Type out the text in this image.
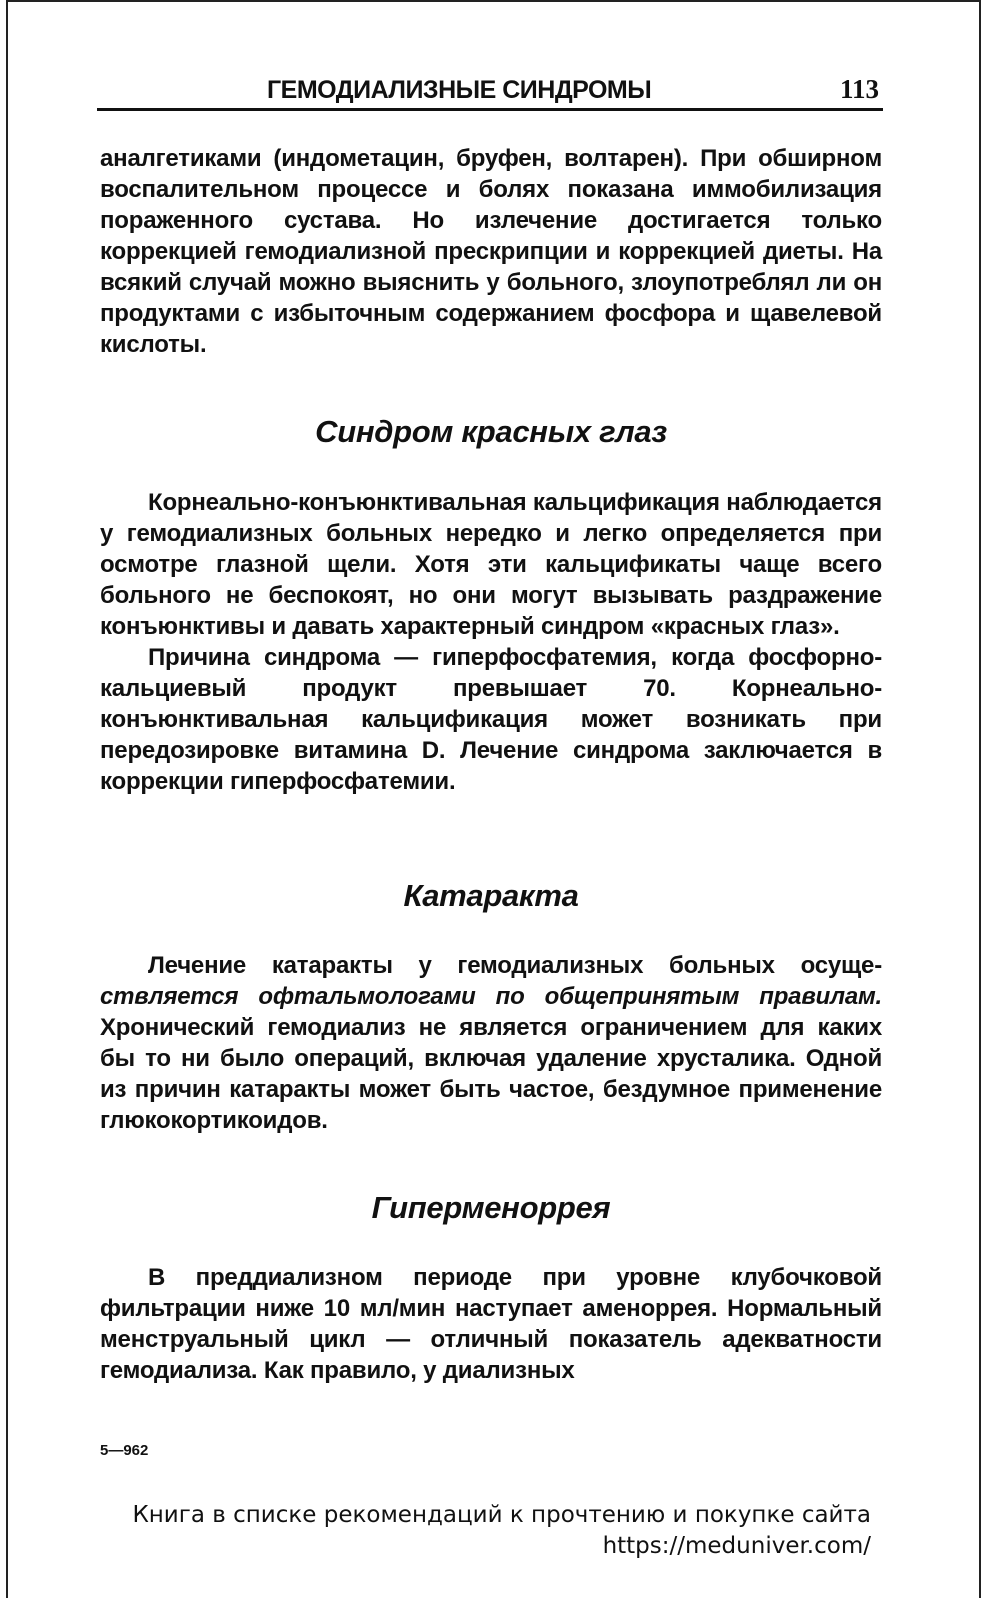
ГЕМОДИАЛИЗНЫЕ СИНДРОМЫ	113

аналгетиками (индометацин, бруфен, волтарен). При обширном воспалительном процессе и болях показана иммобилизация пораженного сустава. Но излечение достигается только коррекцией гемодиализной прескрипции и коррекцией диеты. На всякий случай можно выяснить у больного, злоупотреблял ли он продуктами с избыточным содержанием фосфора и щавелевой кислоты.

Синдром красных глаз

Корнеально-конъюнктивальная кальцификация наблюдается у гемодиализных больных нередко и легко определяется при осмотре глазной щели. Хотя эти кальцификаты чаще всего больного не беспокоят, но они могут вызывать раздражение конъюнктивы и давать характерный синдром «красных глаз».

Причина синдрома — гиперфосфатемия, когда фосфорно-кальциевый продукт превышает 70. Корнеально-конъюнктивальная кальцификация может возникать при передозировке витамина D. Лечение синдрома заключается в коррекции гиперфосфатемии.

Катаракта

Лечение катаракты у гемодиализных больных осуще- ствляется офтальмологами по общепринятым правилам. Хронический гемодиализ не является ограничением для каких бы то ни было операций, включая удаление хрусталика. Одной из причин катаракты может быть частое, бездумное применение глюкокортикоидов.

Гиперменоррея

В преддиализном периоде при уровне клубочковой фильтрации ниже 10 мл/мин наступает аменоррея. Нормальный менструальный цикл — отличный показатель адекватности гемодиализа. Как правило, у диализных

5—962
Книга в списке рекомендаций к прочтению и покупке сайта
https://meduniver.com/
